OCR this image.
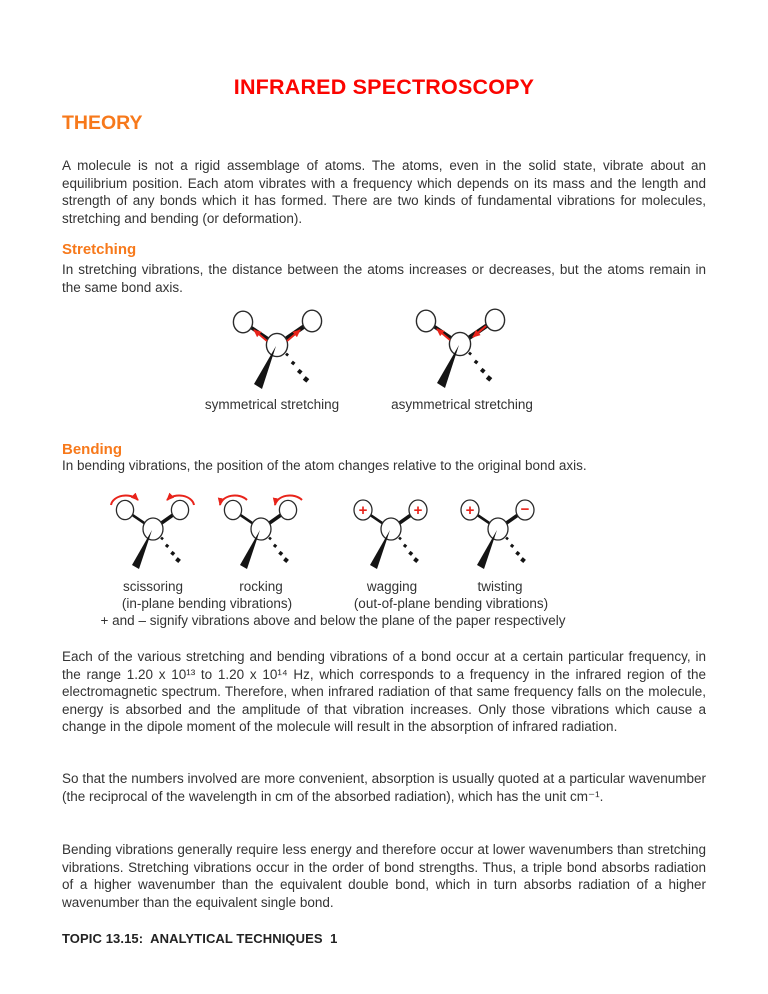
INFRARED SPECTROSCOPY
THEORY
A molecule is not a rigid assemblage of atoms. The atoms, even in the solid state, vibrate about an equilibrium position. Each atom vibrates with a frequency which depends on its mass and the length and strength of any bonds which it has formed. There are two kinds of fundamental vibrations for molecules, stretching and bending (or deformation).
Stretching
In stretching vibrations, the distance between the atoms increases or decreases, but the atoms remain in the same bond axis.
symmetrical stretching	asymmetrical stretching
Bending
In bending vibrations, the position of the atom changes relative to the original bond axis.
+	+	+	−
scissoring	rocking	wagging	twisting
(in-plane bending vibrations)	(out-of-plane bending vibrations)
+ and – signify vibrations above and below the plane of the paper respectively
Each of the various stretching and bending vibrations of a bond occur at a certain particular frequency, in the range 1.20 x 10¹³ to 1.20 x 10¹⁴ Hz, which corresponds to a frequency in the infrared region of the electromagnetic spectrum. Therefore, when infrared radiation of that same frequency falls on the molecule, energy is absorbed and the amplitude of that vibration increases. Only those vibrations which cause a change in the dipole moment of the molecule will result in the absorption of infrared radiation.
So that the numbers involved are more convenient, absorption is usually quoted at a particular wavenumber (the reciprocal of the wavelength in cm of the absorbed radiation), which has the unit cm⁻¹.
Bending vibrations generally require less energy and therefore occur at lower wavenumbers than stretching vibrations. Stretching vibrations occur in the order of bond strengths. Thus, a triple bond absorbs radiation of a higher wavenumber than the equivalent double bond, which in turn absorbs radiation of a higher wavenumber than the equivalent single bond.
TOPIC 13.15:  ANALYTICAL TECHNIQUES  1
